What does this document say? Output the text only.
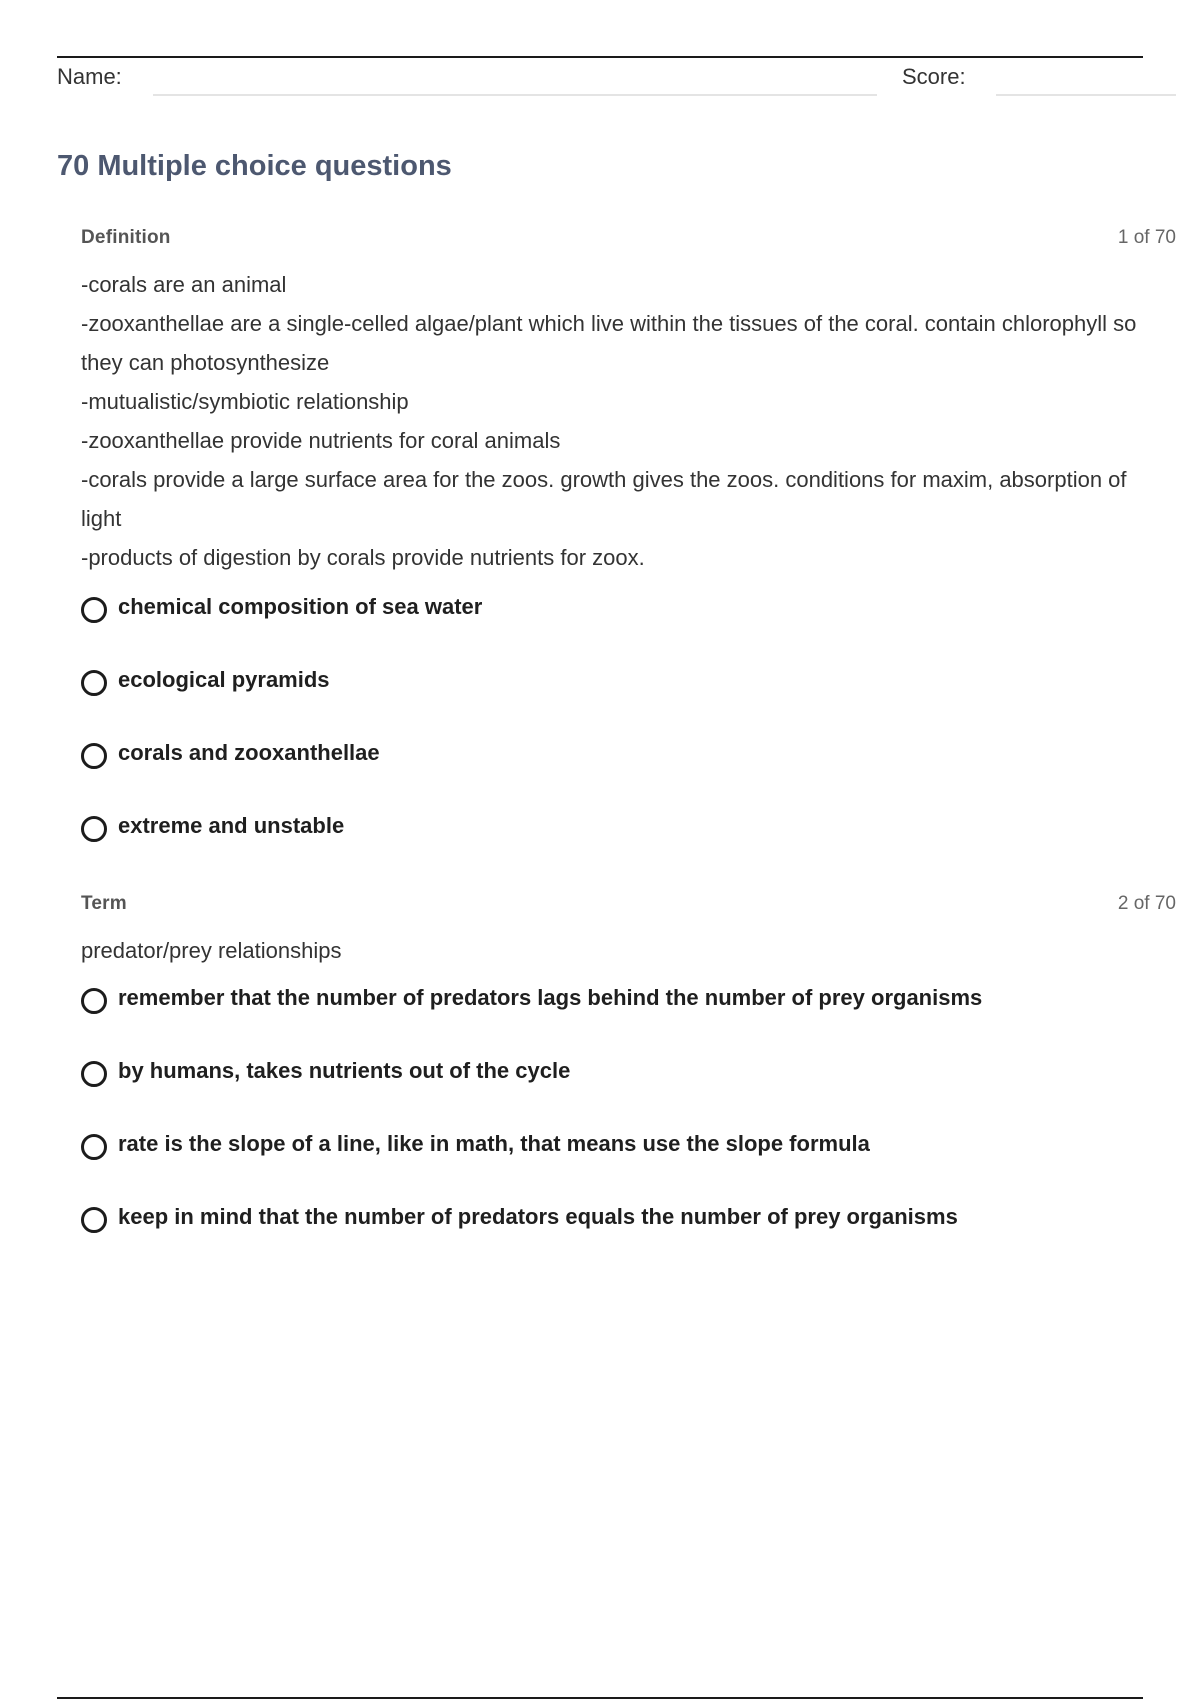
Name:	Score:
70 Multiple choice questions
Definition	1 of 70
-corals are an animal
-zooxanthellae are a single-celled algae/plant which live within the tissues of the coral. contain chlorophyll so they can photosynthesize
-mutualistic/symbiotic relationship
-zooxanthellae provide nutrients for coral animals
-corals provide a large surface area for the zoos. growth gives the zoos. conditions for maxim, absorption of light
-products of digestion by corals provide nutrients for zoox.
chemical composition of sea water
ecological pyramids
corals and zooxanthellae
extreme and unstable
Term	2 of 70
predator/prey relationships
remember that the number of predators lags behind the number of prey organisms
by humans, takes nutrients out of the cycle
rate is the slope of a line, like in math, that means use the slope formula
keep in mind that the number of predators equals the number of prey organisms
